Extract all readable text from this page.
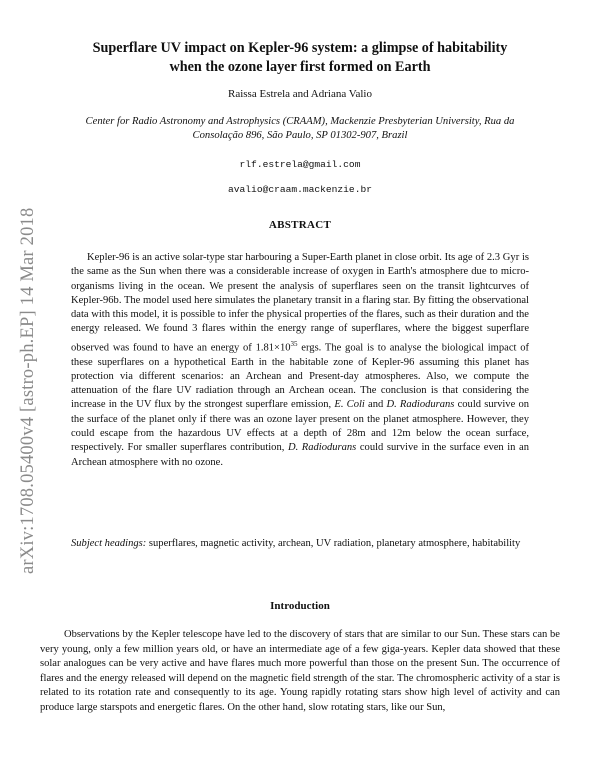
arXiv:1708.05400v4 [astro-ph.EP] 14 Mar 2018
Superflare UV impact on Kepler-96 system: a glimpse of habitability
when the ozone layer first formed on Earth
Raissa Estrela and Adriana Valio
Center for Radio Astronomy and Astrophysics (CRAAM), Mackenzie Presbyterian University, Rua da
Consolação 896, São Paulo, SP 01302-907, Brazil
rlf.estrela@gmail.com
avalio@craam.mackenzie.br
ABSTRACT

Kepler-96 is an active solar-type star harbouring a Super-Earth planet in close orbit. Its age of 2.3 Gyr is the same as the Sun when there was a considerable increase of oxygen in Earth's atmosphere due to micro-organisms living in the ocean. We present the analysis of superflares seen on the transit lightcurves of Kepler-96b. The model used here simulates the planetary transit in a flaring star. By fitting the observational data with this model, it is possible to infer the physical properties of the flares, such as their duration and the energy released. We found 3 flares within the energy range of superflares, where the biggest superflare observed was found to have an energy of $1.81\times 10^{35}$ ergs. The goal is to analyse the biological impact of these superflares on a hypothetical Earth in the habitable zone of Kepler-96 assuming this planet has protection via different scenarios: an Archean and Present-day atmospheres. Also, we compute the attenuation of the flare UV radiation through an Archean ocean. The conclusion is that considering the increase in the UV flux by the strongest superflare emission, E. Coli and D. Radiodurans could survive on the surface of the planet only if there was an ozone layer present on the planet atmosphere. However, they could escape from the hazardous UV effects at a depth of 28m and 12m below the ocean surface, respectively. For smaller superflares contribution, D. Radiodurans could survive in the surface even in an Archean atmosphere with no ozone.

Subject headings: superflares, magnetic activity, archean, UV radiation, planetary atmosphere, habitability

Introduction

Observations by the Kepler telescope have led to the discovery of stars that are similar to our Sun. These stars can be very young, only a few million years old, or have an intermediate age of a few giga-years. Kepler data showed that these solar analogues can be very active and have flares much more powerful than those on the present Sun. The occurrence of flares and the energy released will depend on the magnetic field strength of the star. The chromospheric activity of a star is related to its rotation rate and consequently to its age. Young rapidly rotating stars show high level of activity and can produce large starspots and energetic flares. On the other hand, slow rotating stars, like our Sun,
